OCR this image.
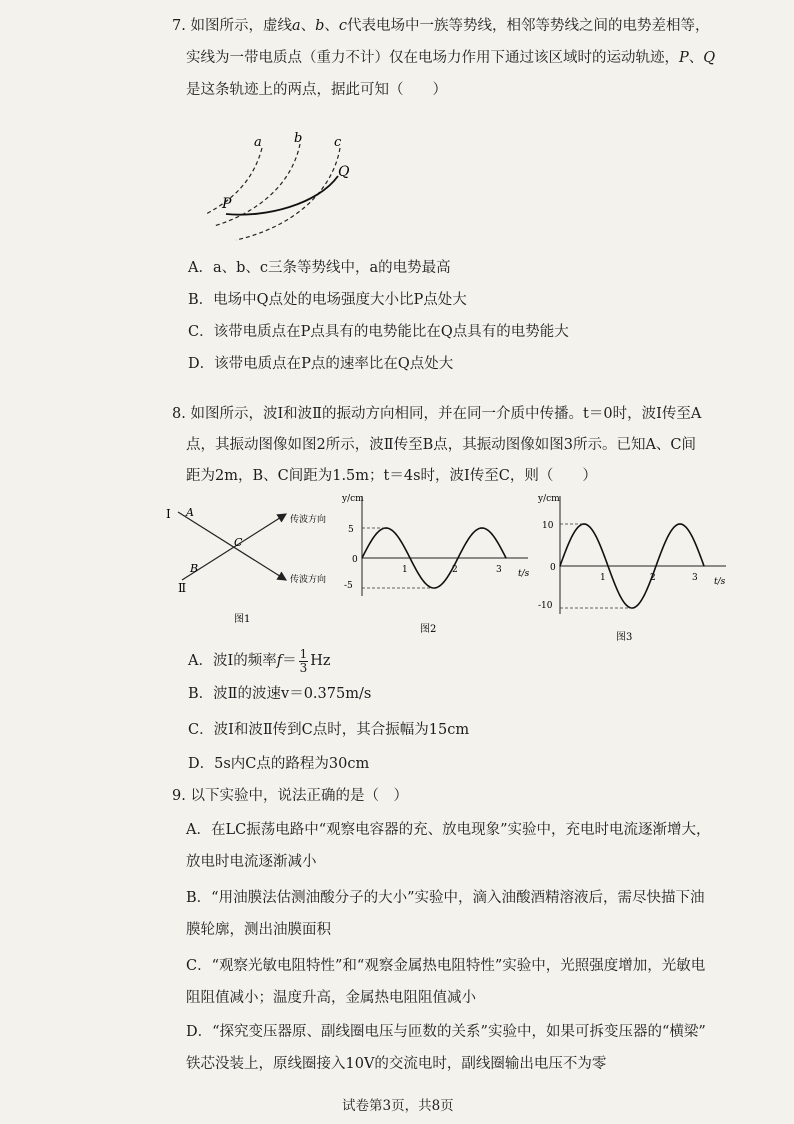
7. 如图所示，虚线a、b、c代表电场中一族等势线，相邻等势线之间的电势差相等，
实线为一带电质点（重力不计）仅在电场力作用下通过该区域时的运动轨迹，P、Q
是这条轨迹上的两点，据此可知（　　）
a b c
P
Q
A．a、b、c三条等势线中，a的电势最高
B．电场中Q点处的电场强度大小比P点处大
C．该带电质点在P点具有的电势能比在Q点具有的电势能大
D．该带电质点在P点的速率比在Q点处大
8. 如图所示，波Ⅰ和波Ⅱ的振动方向相同，并在同一介质中传播。t＝0时，波Ⅰ传至A
点，其振动图像如图2所示，波Ⅱ传至B点，其振动图像如图3所示。已知A、C间
距为2m，B、C间距为1.5m；t＝4s时，波Ⅰ传至C，则（　　）
Ⅰ
Ⅱ
A
B
C
传波方向
传波方向
图1
y/cm
t/s
5
0
-5
1	2	3
图2
y/cm
t/s
10
0
-10
1	2	3
图3
A．波Ⅰ的频率$f= \frac{1}{3}$ Hz
B．波Ⅱ的波速v＝0.375m/s
C．波Ⅰ和波Ⅱ传到C点时，其合振幅为15cm
D．5s内C点的路程为30cm
9. 以下实验中，说法正确的是（　）
A．在LC振荡电路中“观察电容器的充、放电现象”实验中，充电时电流逐渐增大，
放电时电流逐渐减小
B．“用油膜法估测油酸分子的大小”实验中，滴入油酸酒精溶液后，需尽快描下油
膜轮廓，测出油膜面积
C．“观察光敏电阻特性”和“观察金属热电阻特性”实验中，光照强度增加，光敏电
阻阻值减小；温度升高，金属热电阻阻值减小
D．“探究变压器原、副线圈电压与匝数的关系”实验中，如果可拆变压器的“横梁”
铁芯没装上，原线圈接入10V的交流电时，副线圈输出电压不为零
试卷第3页，共8页
